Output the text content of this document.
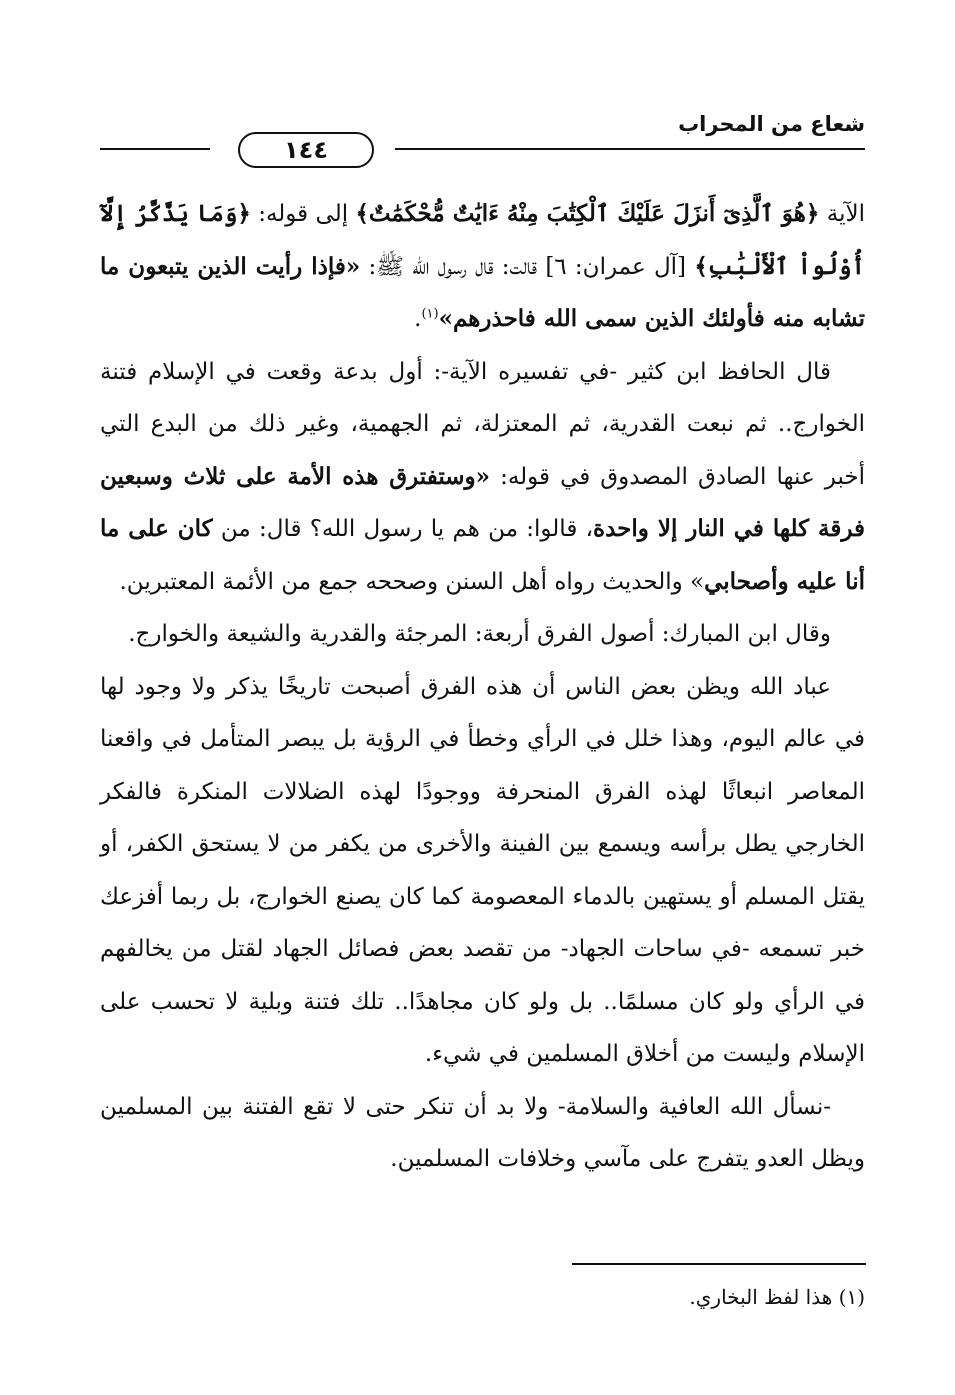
شعاع من المحراب
١٤٤

الآية ﴿هُوَ ٱلَّذِىٓ أَنزَلَ عَلَيْكَ ٱلْكِتَٰبَ مِنْهُ ءَايَٰتٌ مُّحْكَمَٰتٌ﴾ إلى قوله: ﴿وَمَا يَذَّكَّرُ إِلَّآ أُوْلُواْ ٱلْأَلْبَٰبِ﴾ [آل عمران: ٦] قالت: قال رسول الله ﷺ: «فإذا رأيت الذين يتبعون ما تشابه منه فأولئك الذين سمى الله فاحذرهم»$^{(١)}$.

قال الحافظ ابن كثير -في تفسيره الآية-: أول بدعة وقعت في الإسلام فتنة الخوارج.. ثم نبعت القدرية، ثم المعتزلة، ثم الجهمية، وغير ذلك من البدع التي أخبر عنها الصادق المصدوق في قوله: «وستفترق هذه الأمة على ثلاث وسبعين فرقة كلها في النار إلا واحدة، قالوا: من هم يا رسول الله؟ قال: من كان على ما أنا عليه وأصحابي» والحديث رواه أهل السنن وصححه جمع من الأئمة المعتبرين.

وقال ابن المبارك: أصول الفرق أربعة: المرجئة والقدرية والشيعة والخوارج.

عباد الله ويظن بعض الناس أن هذه الفرق أصبحت تاريخًا يذكر ولا وجود لها في عالم اليوم، وهذا خلل في الرأي وخطأ في الرؤية بل يبصر المتأمل في واقعنا المعاصر انبعاثًا لهذه الفرق المنحرفة ووجودًا لهذه الضلالات المنكرة فالفكر الخارجي يطل برأسه ويسمع بين الفينة والأخرى من يكفر من لا يستحق الكفر، أو يقتل المسلم أو يستهين بالدماء المعصومة كما كان يصنع الخوارج، بل ربما أفزعك خبر تسمعه -في ساحات الجهاد- من تقصد بعض فصائل الجهاد لقتل من يخالفهم في الرأي ولو كان مسلمًا.. بل ولو كان مجاهدًا.. تلك فتنة وبلية لا تحسب على الإسلام وليست من أخلاق المسلمين في شيء.

-نسأل الله العافية والسلامة- ولا بد أن تنكر حتى لا تقع الفتنة بين المسلمين ويظل العدو يتفرج على مآسي وخلافات المسلمين.

(١) هذا لفظ البخاري.
